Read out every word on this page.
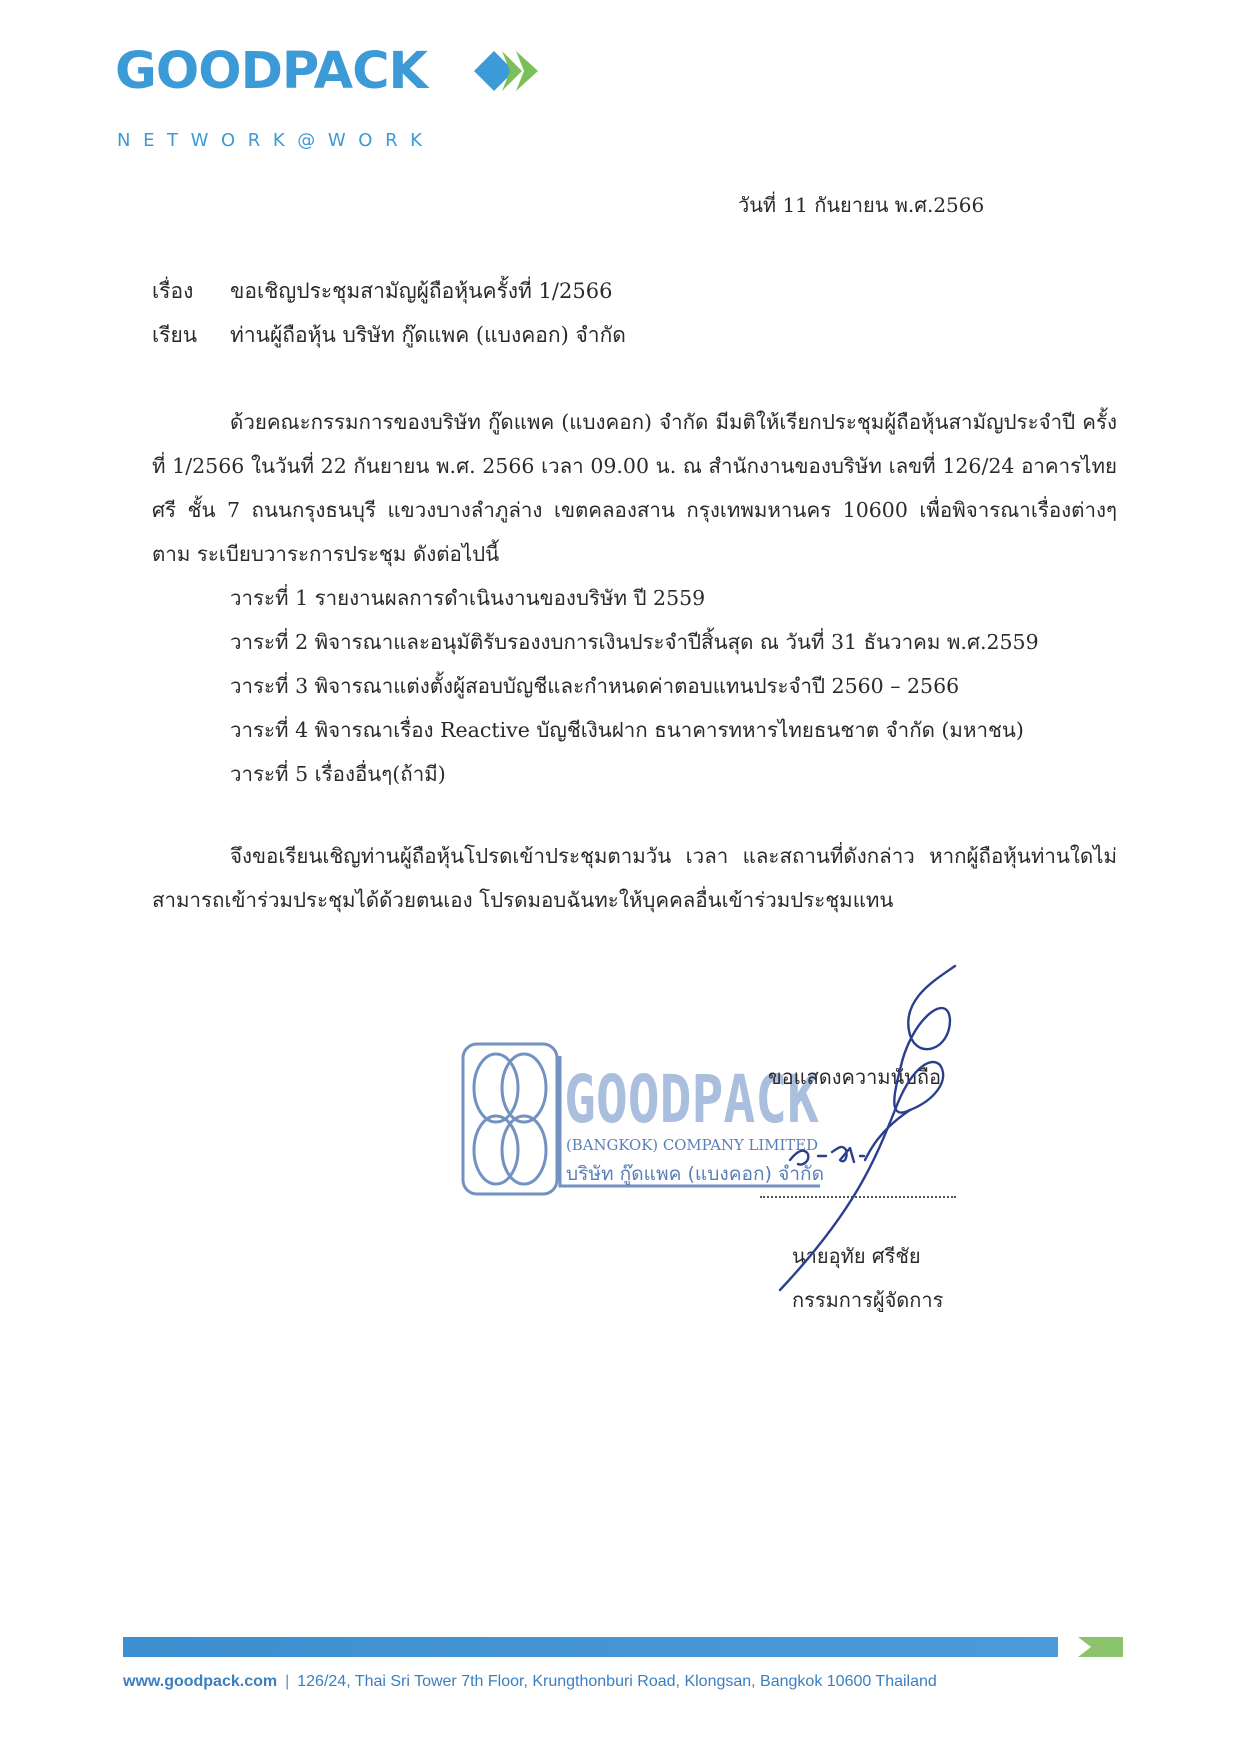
GOODPACK
NETWORK@WORK
วันที่ 11 กันยายน พ.ศ.2566
เรื่อง ขอเชิญประชุมสามัญผู้ถือหุ้นครั้งที่ 1/2566
เรียน ท่านผู้ถือหุ้น บริษัท กู๊ดแพค (แบงคอก) จำกัด

ด้วยคณะกรรมการของบริษัท กู๊ดแพค (แบงคอก) จำกัด มีมติให้เรียกประชุมผู้ถือหุ้นสามัญประจำปี ครั้งที่ 1/2566 ในวันที่ 22 กันยายน พ.ศ. 2566 เวลา 09.00 น. ณ สำนักงานของบริษัท เลขที่ 126/24 อาคารไทย ศรี ชั้น 7 ถนนกรุงธนบุรี แขวงบางลำภูล่าง เขตคลองสาน กรุงเทพมหานคร 10600 เพื่อพิจารณาเรื่องต่างๆ ตาม ระเบียบวาระการประชุม ดังต่อไปนี้

วาระที่ 1 รายงานผลการดำเนินงานของบริษัท ปี 2559
วาระที่ 2 พิจารณาและอนุมัติรับรองงบการเงินประจำปีสิ้นสุด ณ วันที่ 31 ธันวาคม พ.ศ.2559
วาระที่ 3 พิจารณาแต่งตั้งผู้สอบบัญชีและกำหนดค่าตอบแทนประจำปี 2560 – 2566
วาระที่ 4 พิจารณาเรื่อง Reactive บัญชีเงินฝาก ธนาคารทหารไทยธนชาต จำกัด (มหาชน)
วาระที่ 5 เรื่องอื่นๆ(ถ้ามี)

จึงขอเรียนเชิญท่านผู้ถือหุ้นโปรดเข้าประชุมตามวัน เวลา และสถานที่ดังกล่าว หากผู้ถือหุ้นท่านใดไม่ สามารถเข้าร่วมประชุมได้ด้วยตนเอง โปรดมอบฉันทะให้บุคคลอื่นเข้าร่วมประชุมแทน

GOODPACK
(BANGKOK) COMPANY LIMITED
บริษัท กู๊ดแพค (แบงคอก) จำกัด
ขอแสดงความนับถือ
นายอุทัย ศรีชัย
กรรมการผู้จัดการ
www.goodpack.com | 126/24, Thai Sri Tower 7th Floor, Krungthonburi Road, Klongsan, Bangkok 10600 Thailand
